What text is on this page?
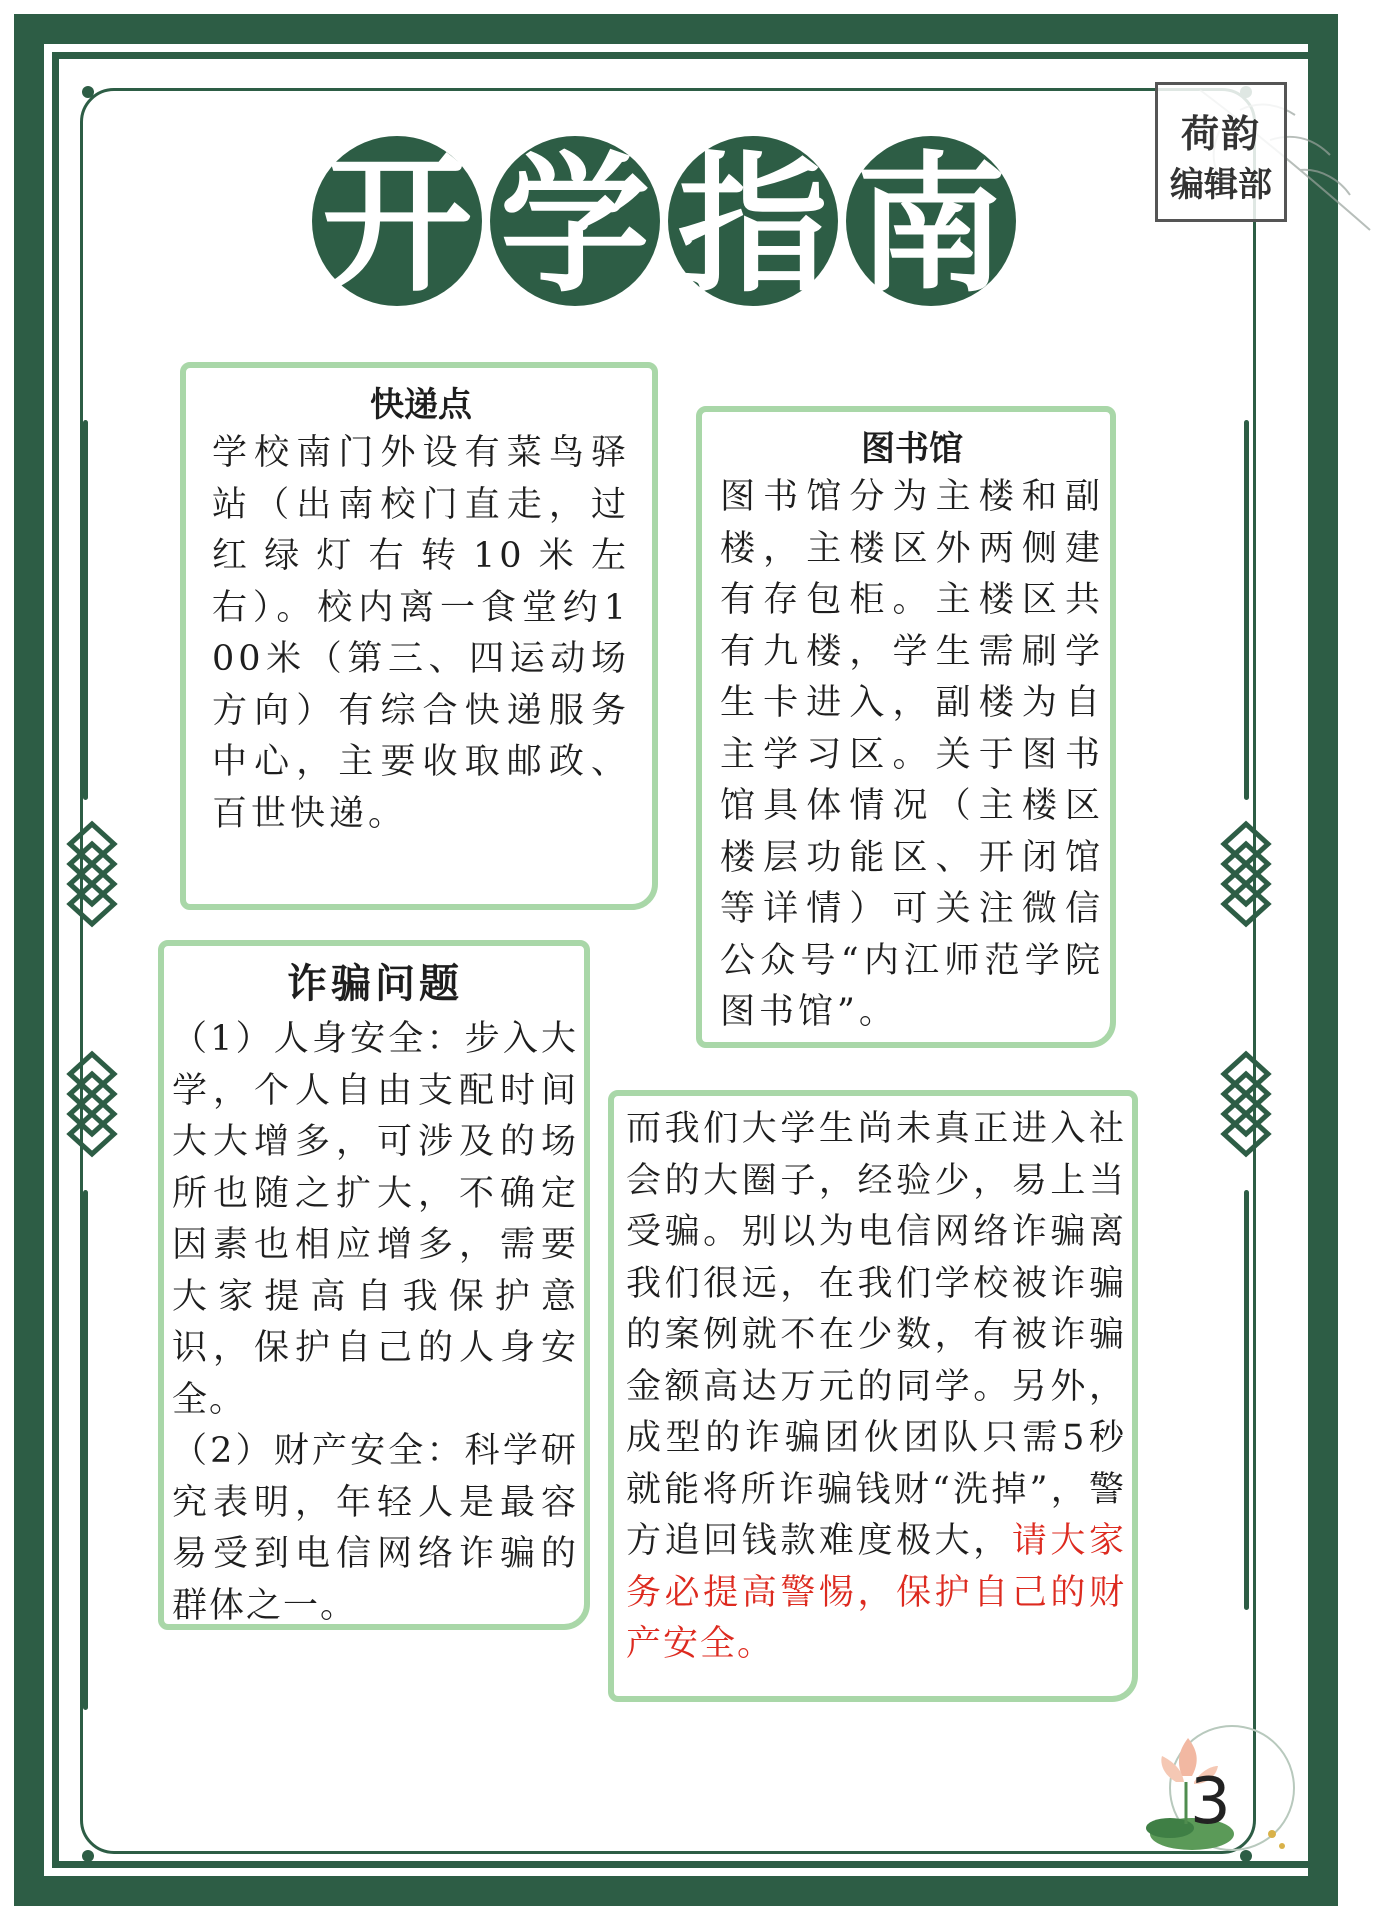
开 学 指 南
荷韵
编辑部
快递点
学校南门外设有菜鸟驿站（出南校门直走，过红绿灯右转10米左右）。校内离一食堂约100米（第三、四运动场方向）有综合快递服务中心，主要收取邮政、百世快递。
图书馆
图书馆分为主楼和副楼，主楼区外两侧建有存包柜。主楼区共有九楼，学生需刷学生卡进入，副楼为自主学习区。关于图书馆具体情况（主楼区楼层功能区、开闭馆等详情）可关注微信公众号“内江师范学院图书馆”。
诈骗问题
（1）人身安全：步入大学，个人自由支配时间大大增多，可涉及的场所也随之扩大，不确定因素也相应增多，需要大家提高自我保护意识，保护自己的人身安全。
（2）财产安全：科学研究表明，年轻人是最容易受到电信网络诈骗的群体之一。
而我们大学生尚未真正进入社会的大圈子，经验少，易上当受骗。别以为电信网络诈骗离我们很远，在我们学校被诈骗的案例就不在少数，有被诈骗金额高达万元的同学。另外，成型的诈骗团伙团队只需5秒就能将所诈骗钱财“洗掉”，警方追回钱款难度极大，请大家务必提高警惕，保护自己的财产安全。
3
